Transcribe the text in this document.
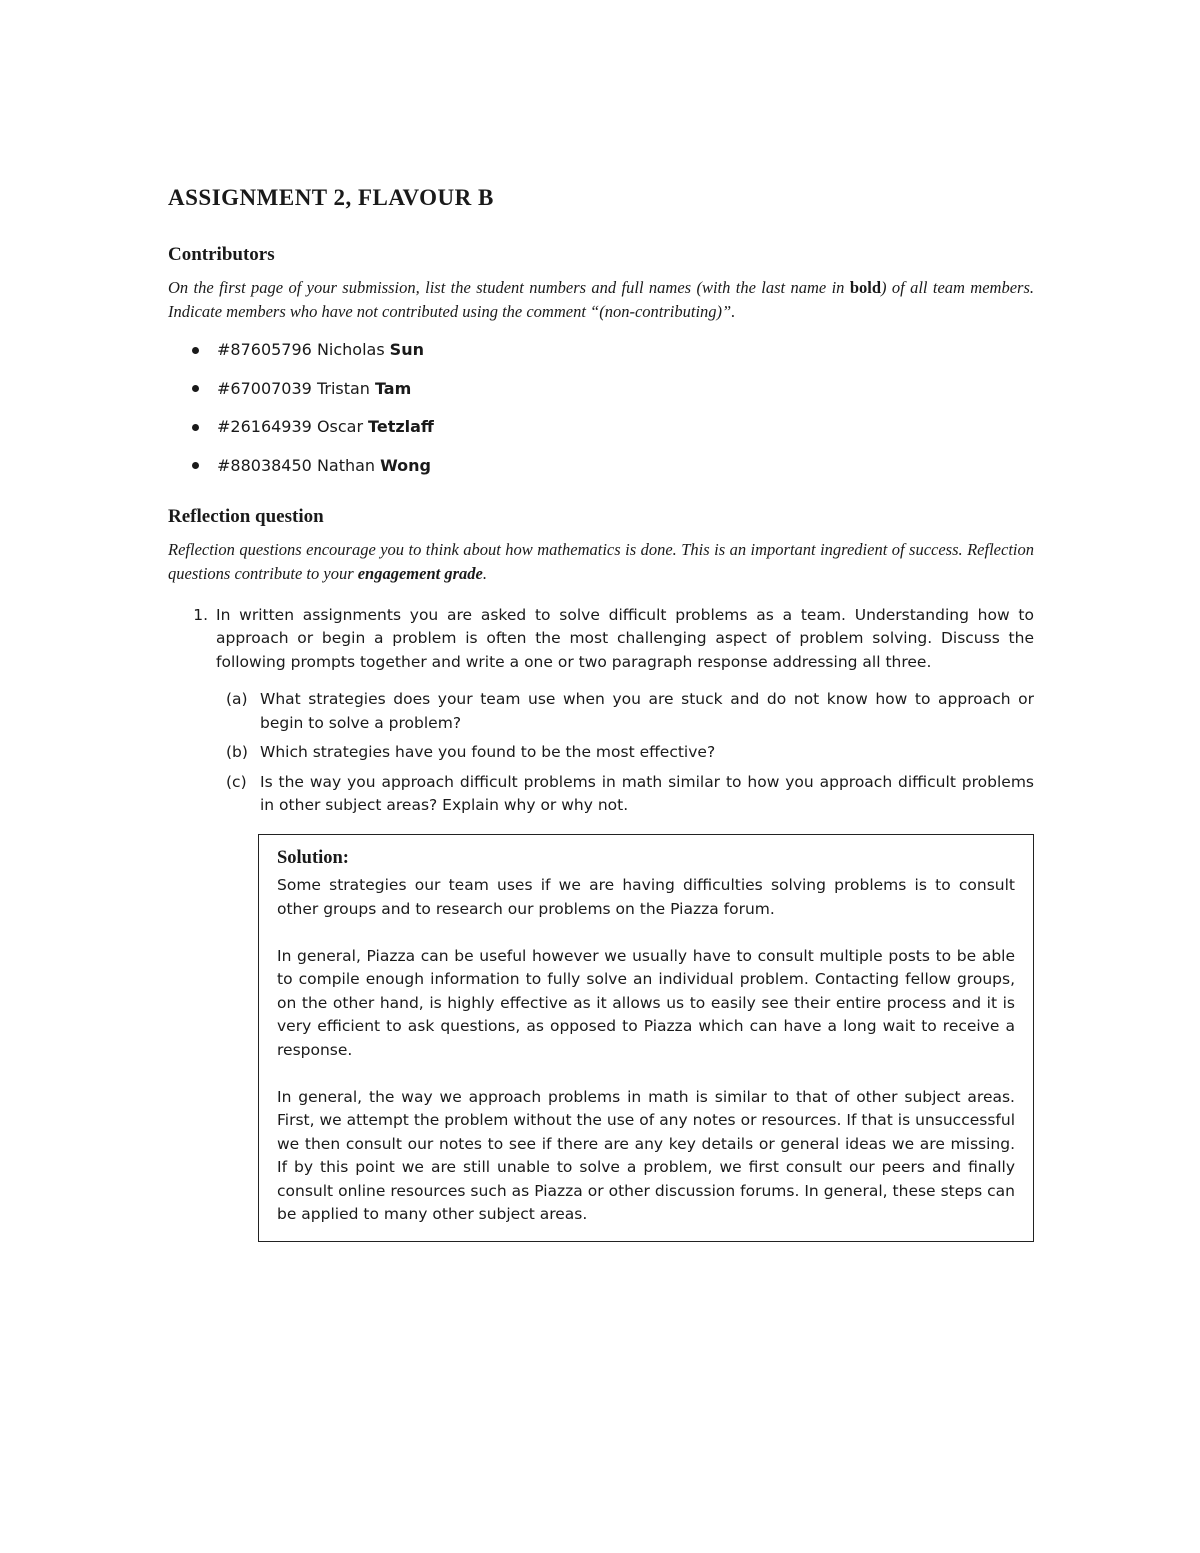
ASSIGNMENT 2, FLAVOUR B
Contributors

On the first page of your submission, list the student numbers and full names (with the last name in bold) of all team members. Indicate members who have not contributed using the comment “(non-contributing)”.

#87605796
Nicholas Sun
#67007039
Tristan Tam
#26164939
Oscar Tetzlaff
#88038450
Nathan Wong
Reflection question

Reflection questions encourage you to think about how mathematics is done. This is an important ingredient of success. Reflection questions contribute to your engagement grade.

1. In written assignments you are asked to solve difficult problems as a team. Understanding how to approach or begin a problem is often the most challenging aspect of problem solving. Discuss the following prompts together and write a one or two paragraph response addressing all three.
(a) What strategies does your team use when you are stuck and do not know how to approach or begin to solve a problem?
(b) Which strategies have you found to be the most effective?
(c) Is the way you approach difficult problems in math similar to how you approach difficult problems in other subject areas? Explain why or why not.
Solution:

Some strategies our team uses if we are having difficulties solving problems is to consult other groups and to research our problems on the Piazza forum.

In general, Piazza can be useful however we usually have to consult multiple posts to be able to compile enough information to fully solve an individual problem. Contacting fellow groups, on the other hand, is highly effective as it allows us to easily see their entire process and it is very efficient to ask questions, as opposed to Piazza which can have a long wait to receive a response.

In general, the way we approach problems in math is similar to that of other subject areas. First, we attempt the problem without the use of any notes or resources. If that is unsuccessful we then consult our notes to see if there are any key details or general ideas we are missing. If by this point we are still unable to solve a problem, we first consult our peers and finally consult online resources such as Piazza or other discussion forums. In general, these steps can be applied to many other subject areas.
